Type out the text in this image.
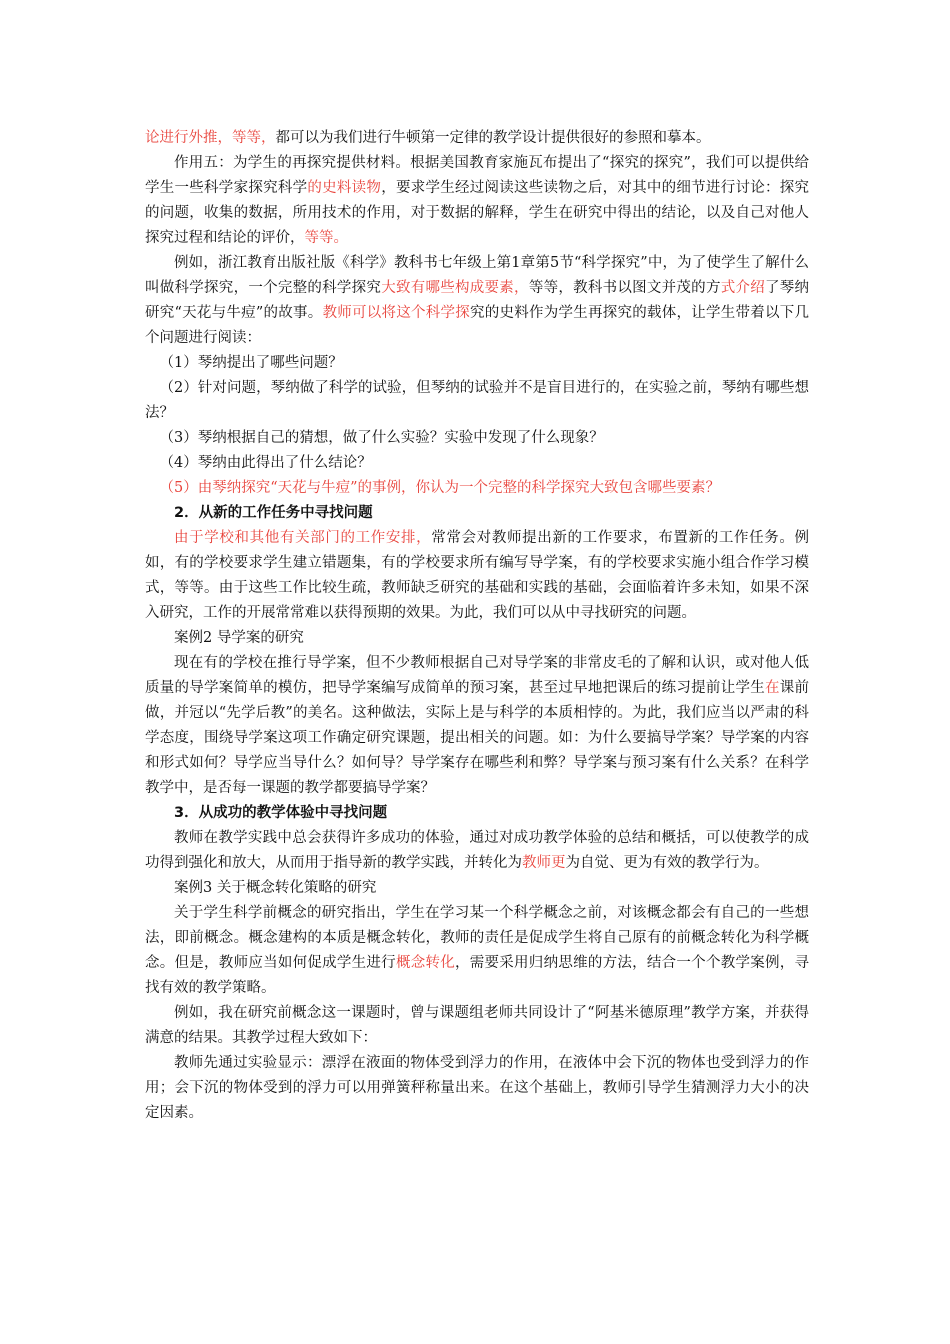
论进行外推，等等，都可以为我们进行牛顿第一定律的教学设计提供很好的参照和摹本。

作用五：为学生的再探究提供材料。根据美国教育家施瓦布提出了“探究的探究”，我们可以提供给学生一些科学家探究科学的史料读物，要求学生经过阅读这些读物之后，对其中的细节进行讨论：探究的问题，收集的数据，所用技术的作用，对于数据的解释，学生在研究中得出的结论，以及自己对他人探究过程和结论的评价，等等。

例如，浙江教育出版社版《科学》教科书七年级上第1章第5节“科学探究”中，为了使学生了解什么叫做科学探究，一个完整的科学探究大致有哪些构成要素，等等，教科书以图文并茂的方式介绍了琴纳研究“天花与牛痘”的故事。教师可以将这个科学探究的史料作为学生再探究的载体，让学生带着以下几个问题进行阅读：

（1）琴纳提出了哪些问题？

（2）针对问题，琴纳做了科学的试验，但琴纳的试验并不是盲目进行的，在实验之前，琴纳有哪些想法？

（3）琴纳根据自己的猜想，做了什么实验？实验中发现了什么现象？

（4）琴纳由此得出了什么结论？

（5）由琴纳探究“天花与牛痘”的事例，你认为一个完整的科学探究大致包含哪些要素？

2．从新的工作任务中寻找问题

由于学校和其他有关部门的工作安排，常常会对教师提出新的工作要求，布置新的工作任务。例如，有的学校要求学生建立错题集，有的学校要求所有编写导学案，有的学校要求实施小组合作学习模式，等等。由于这些工作比较生疏，教师缺乏研究的基础和实践的基础，会面临着许多未知，如果不深入研究，工作的开展常常难以获得预期的效果。为此，我们可以从中寻找研究的问题。

案例2 导学案的研究

现在有的学校在推行导学案，但不少教师根据自己对导学案的非常皮毛的了解和认识，或对他人低质量的导学案简单的模仿，把导学案编写成简单的预习案，甚至过早地把课后的练习提前让学生在课前做，并冠以“先学后教”的美名。这种做法，实际上是与科学的本质相悖的。为此，我们应当以严肃的科学态度，围绕导学案这项工作确定研究课题，提出相关的问题。如：为什么要搞导学案？导学案的内容和形式如何？导学应当导什么？如何导？导学案存在哪些利和弊？导学案与预习案有什么关系？在科学教学中，是否每一课题的教学都要搞导学案？

3．从成功的教学体验中寻找问题

教师在教学实践中总会获得许多成功的体验，通过对成功教学体验的总结和概括，可以使教学的成功得到强化和放大，从而用于指导新的教学实践，并转化为教师更为自觉、更为有效的教学行为。

案例3 关于概念转化策略的研究

关于学生科学前概念的研究指出，学生在学习某一个科学概念之前，对该概念都会有自己的一些想法，即前概念。概念建构的本质是概念转化，教师的责任是促成学生将自己原有的前概念转化为科学概念。但是，教师应当如何促成学生进行概念转化，需要采用归纳思维的方法，结合一个个教学案例，寻找有效的教学策略。

例如，我在研究前概念这一课题时，曾与课题组老师共同设计了“阿基米德原理”教学方案，并获得满意的结果。其教学过程大致如下：

教师先通过实验显示：漂浮在液面的物体受到浮力的作用，在液体中会下沉的物体也受到浮力的作用；会下沉的物体受到的浮力可以用弹簧秤称量出来。在这个基础上，教师引导学生猜测浮力大小的决定因素。
